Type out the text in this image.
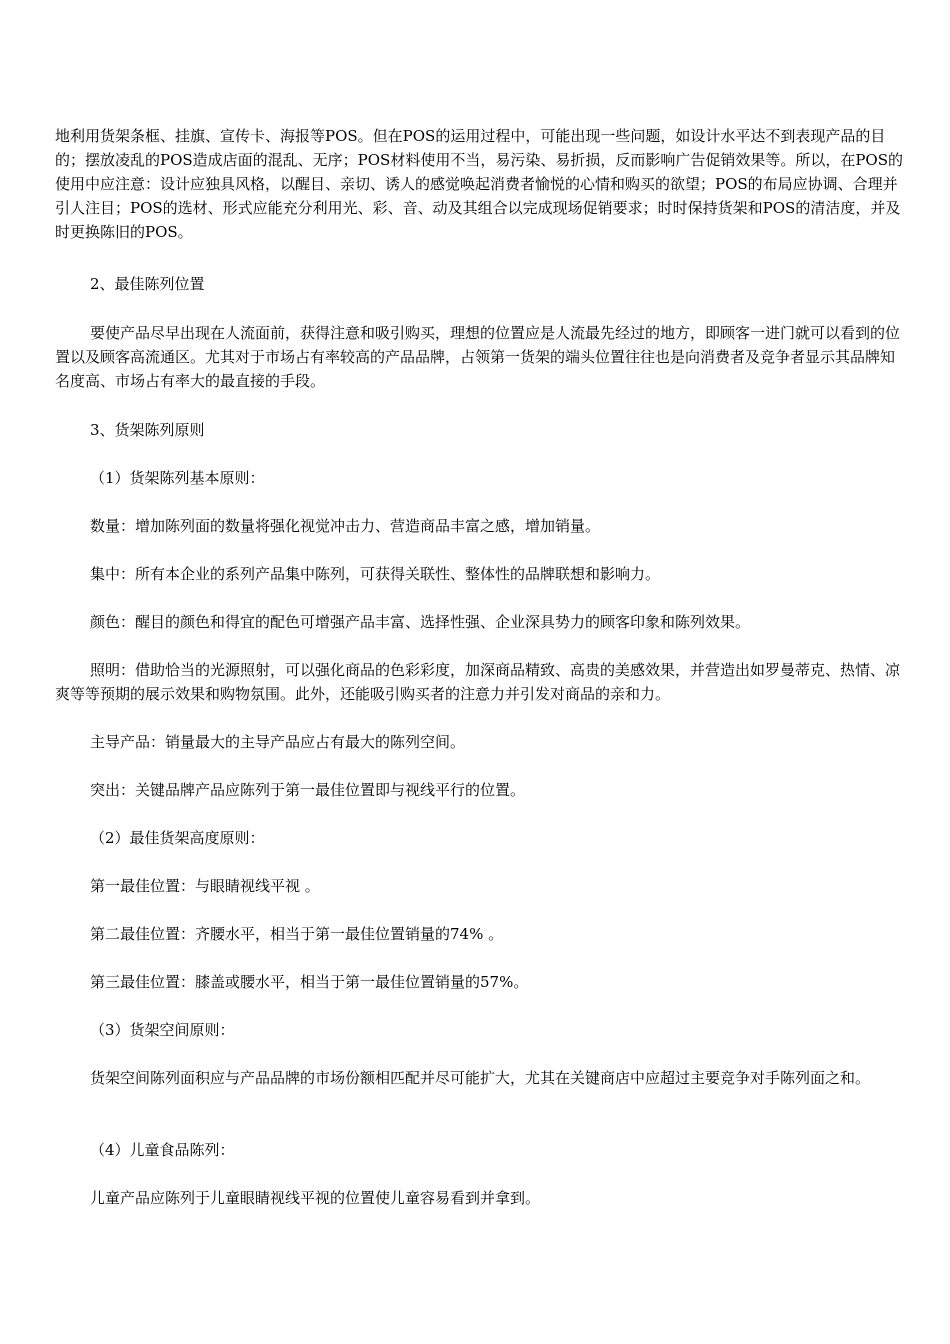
地利用货架条框、挂旗、宣传卡、海报等POS。但在POS的运用过程中，可能出现一些问题，如设计水平达不到表现产品的目的；摆放凌乱的POS造成店面的混乱、无序；POS材料使用不当，易污染、易折损，反而影响广告促销效果等。所以，在POS的使用中应注意：设计应独具风格，以醒目、亲切、诱人的感觉唤起消费者愉悦的心情和购买的欲望；POS的布局应协调、合理并引人注目；POS的选材、形式应能充分利用光、彩、音、动及其组合以完成现场促销要求；时时保持货架和POS的清洁度，并及时更换陈旧的POS。

2、最佳陈列位置

要使产品尽早出现在人流面前，获得注意和吸引购买，理想的位置应是人流最先经过的地方，即顾客一进门就可以看到的位置以及顾客高流通区。尤其对于市场占有率较高的产品品牌，占领第一货架的端头位置往往也是向消费者及竞争者显示其品牌知名度高、市场占有率大的最直接的手段。

3、货架陈列原则

（1）货架陈列基本原则：

数量：增加陈列面的数量将强化视觉冲击力、营造商品丰富之感，增加销量。

集中：所有本企业的系列产品集中陈列，可获得关联性、整体性的品牌联想和影响力。

颜色：醒目的颜色和得宜的配色可增强产品丰富、选择性强、企业深具势力的顾客印象和陈列效果。

照明：借助恰当的光源照射，可以强化商品的色彩彩度，加深商品精致、高贵的美感效果，并营造出如罗曼蒂克、热情、凉爽等等预期的展示效果和购物氛围。此外，还能吸引购买者的注意力并引发对商品的亲和力。

主导产品：销量最大的主导产品应占有最大的陈列空间。

突出：关键品牌产品应陈列于第一最佳位置即与视线平行的位置。

（2）最佳货架高度原则：

第一最佳位置：与眼睛视线平视 。

第二最佳位置：齐腰水平，相当于第一最佳位置销量的74% 。

第三最佳位置：膝盖或腰水平，相当于第一最佳位置销量的57%。

（3）货架空间原则：

货架空间陈列面积应与产品品牌的市场份额相匹配并尽可能扩大，尤其在关键商店中应超过主要竞争对手陈列面之和。

（4）儿童食品陈列：

儿童产品应陈列于儿童眼睛视线平视的位置使儿童容易看到并拿到。
